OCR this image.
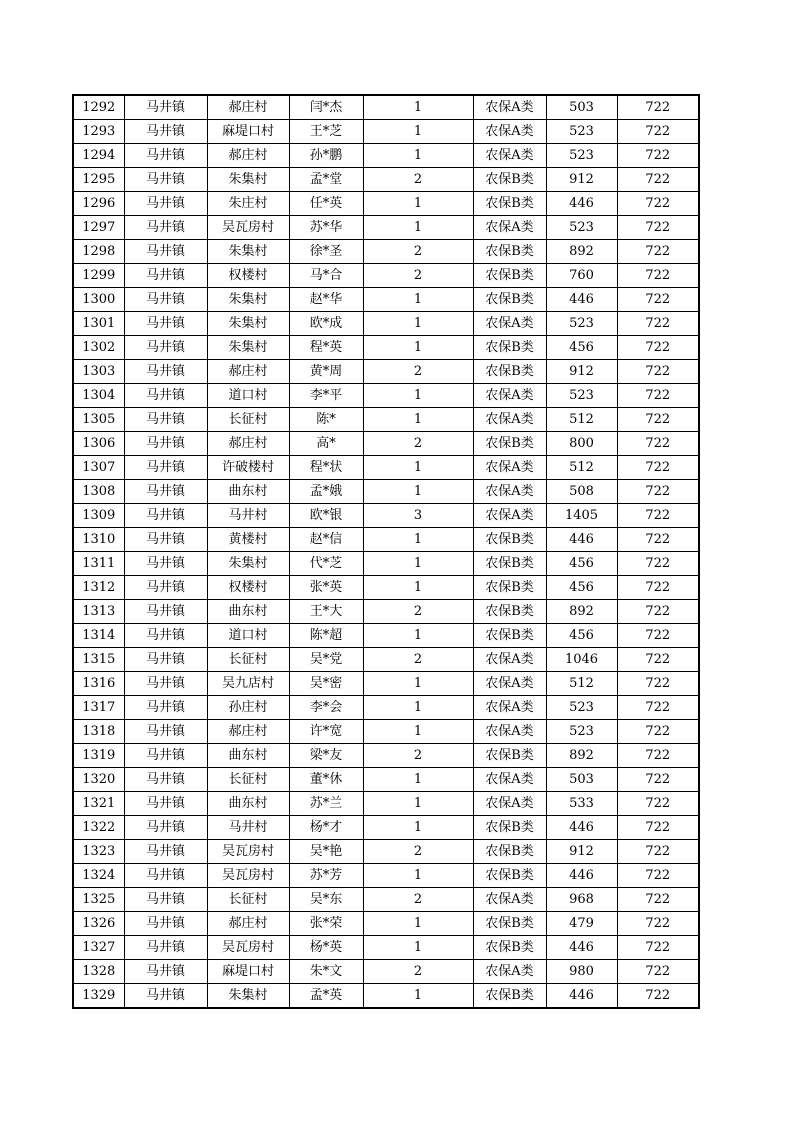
1292	马井镇	郝庄村	闫*杰	1	农保A类	503	722
1293	马井镇	麻堤口村	王*芝	1	农保A类	523	722
1294	马井镇	郝庄村	孙*鹏	1	农保A类	523	722
1295	马井镇	朱集村	孟*堂	2	农保B类	912	722
1296	马井镇	朱庄村	任*英	1	农保B类	446	722
1297	马井镇	吴瓦房村	苏*华	1	农保A类	523	722
1298	马井镇	朱集村	徐*圣	2	农保B类	892	722
1299	马井镇	权楼村	马*合	2	农保B类	760	722
1300	马井镇	朱集村	赵*华	1	农保B类	446	722
1301	马井镇	朱集村	欧*成	1	农保A类	523	722
1302	马井镇	朱集村	程*英	1	农保B类	456	722
1303	马井镇	郝庄村	黄*周	2	农保B类	912	722
1304	马井镇	道口村	李*平	1	农保A类	523	722
1305	马井镇	长征村	陈*	1	农保A类	512	722
1306	马井镇	郝庄村	高*	2	农保B类	800	722
1307	马井镇	许破楼村	程*状	1	农保A类	512	722
1308	马井镇	曲东村	孟*娥	1	农保A类	508	722
1309	马井镇	马井村	欧*银	3	农保A类	1405	722
1310	马井镇	黄楼村	赵*信	1	农保B类	446	722
1311	马井镇	朱集村	代*芝	1	农保B类	456	722
1312	马井镇	权楼村	张*英	1	农保B类	456	722
1313	马井镇	曲东村	王*大	2	农保B类	892	722
1314	马井镇	道口村	陈*超	1	农保B类	456	722
1315	马井镇	长征村	吴*党	2	农保A类	1046	722
1316	马井镇	吴九店村	吴*密	1	农保A类	512	722
1317	马井镇	孙庄村	李*会	1	农保A类	523	722
1318	马井镇	郝庄村	许*宽	1	农保A类	523	722
1319	马井镇	曲东村	梁*友	2	农保B类	892	722
1320	马井镇	长征村	董*休	1	农保A类	503	722
1321	马井镇	曲东村	苏*兰	1	农保A类	533	722
1322	马井镇	马井村	杨*才	1	农保B类	446	722
1323	马井镇	吴瓦房村	吴*艳	2	农保B类	912	722
1324	马井镇	吴瓦房村	苏*芳	1	农保B类	446	722
1325	马井镇	长征村	吴*东	2	农保A类	968	722
1326	马井镇	郝庄村	张*荣	1	农保B类	479	722
1327	马井镇	吴瓦房村	杨*英	1	农保B类	446	722
1328	马井镇	麻堤口村	朱*文	2	农保A类	980	722
1329	马井镇	朱集村	孟*英	1	农保B类	446	722
